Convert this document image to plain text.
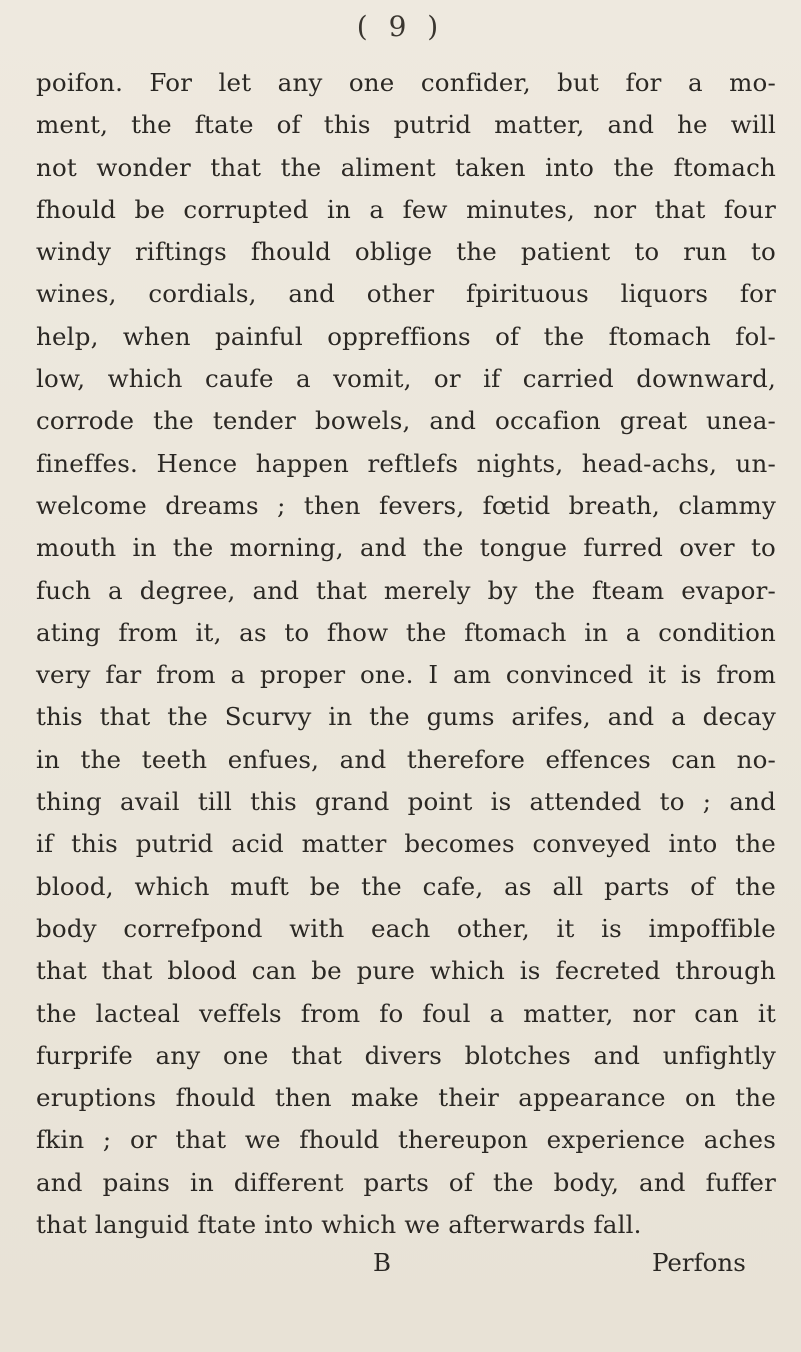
( 9 )
poifon. For let any one confider, but for a mo-
ment, the ftate of this putrid matter, and he will
not wonder that the aliment taken into the ftomach
fhould be corrupted in a few minutes, nor that four
windy riftings fhould oblige the patient to run to
wines, cordials, and other fpirituous liquors for
help, when painful oppreffions of the ftomach fol-
low, which caufe a vomit, or if carried downward,
corrode the tender bowels, and occafion great unea-
fineffes. Hence happen reftlefs nights, head-achs, un-
welcome dreams ; then fevers, fœtid breath, clammy
mouth in the morning, and the tongue furred over to
fuch a degree, and that merely by the fteam evapor-
ating from it, as to fhow the ftomach in a condition
very far from a proper one. I am convinced it is from
this that the Scurvy in the gums arifes, and a decay
in the teeth enfues, and therefore effences can no-
thing avail till this grand point is attended to ; and
if this putrid acid matter becomes conveyed into the
blood, which muft be the cafe, as all parts of the
body correfpond with each other, it is impoffible
that that blood can be pure which is fecreted through
the lacteal veffels from fo foul a matter, nor can it
furprife any one that divers blotches and unfightly
eruptions fhould then make their appearance on the
fkin ; or that we fhould thereupon experience aches
and pains in different parts of the body, and fuffer
that languid ftate into which we afterwards fall.
B	Perfons
